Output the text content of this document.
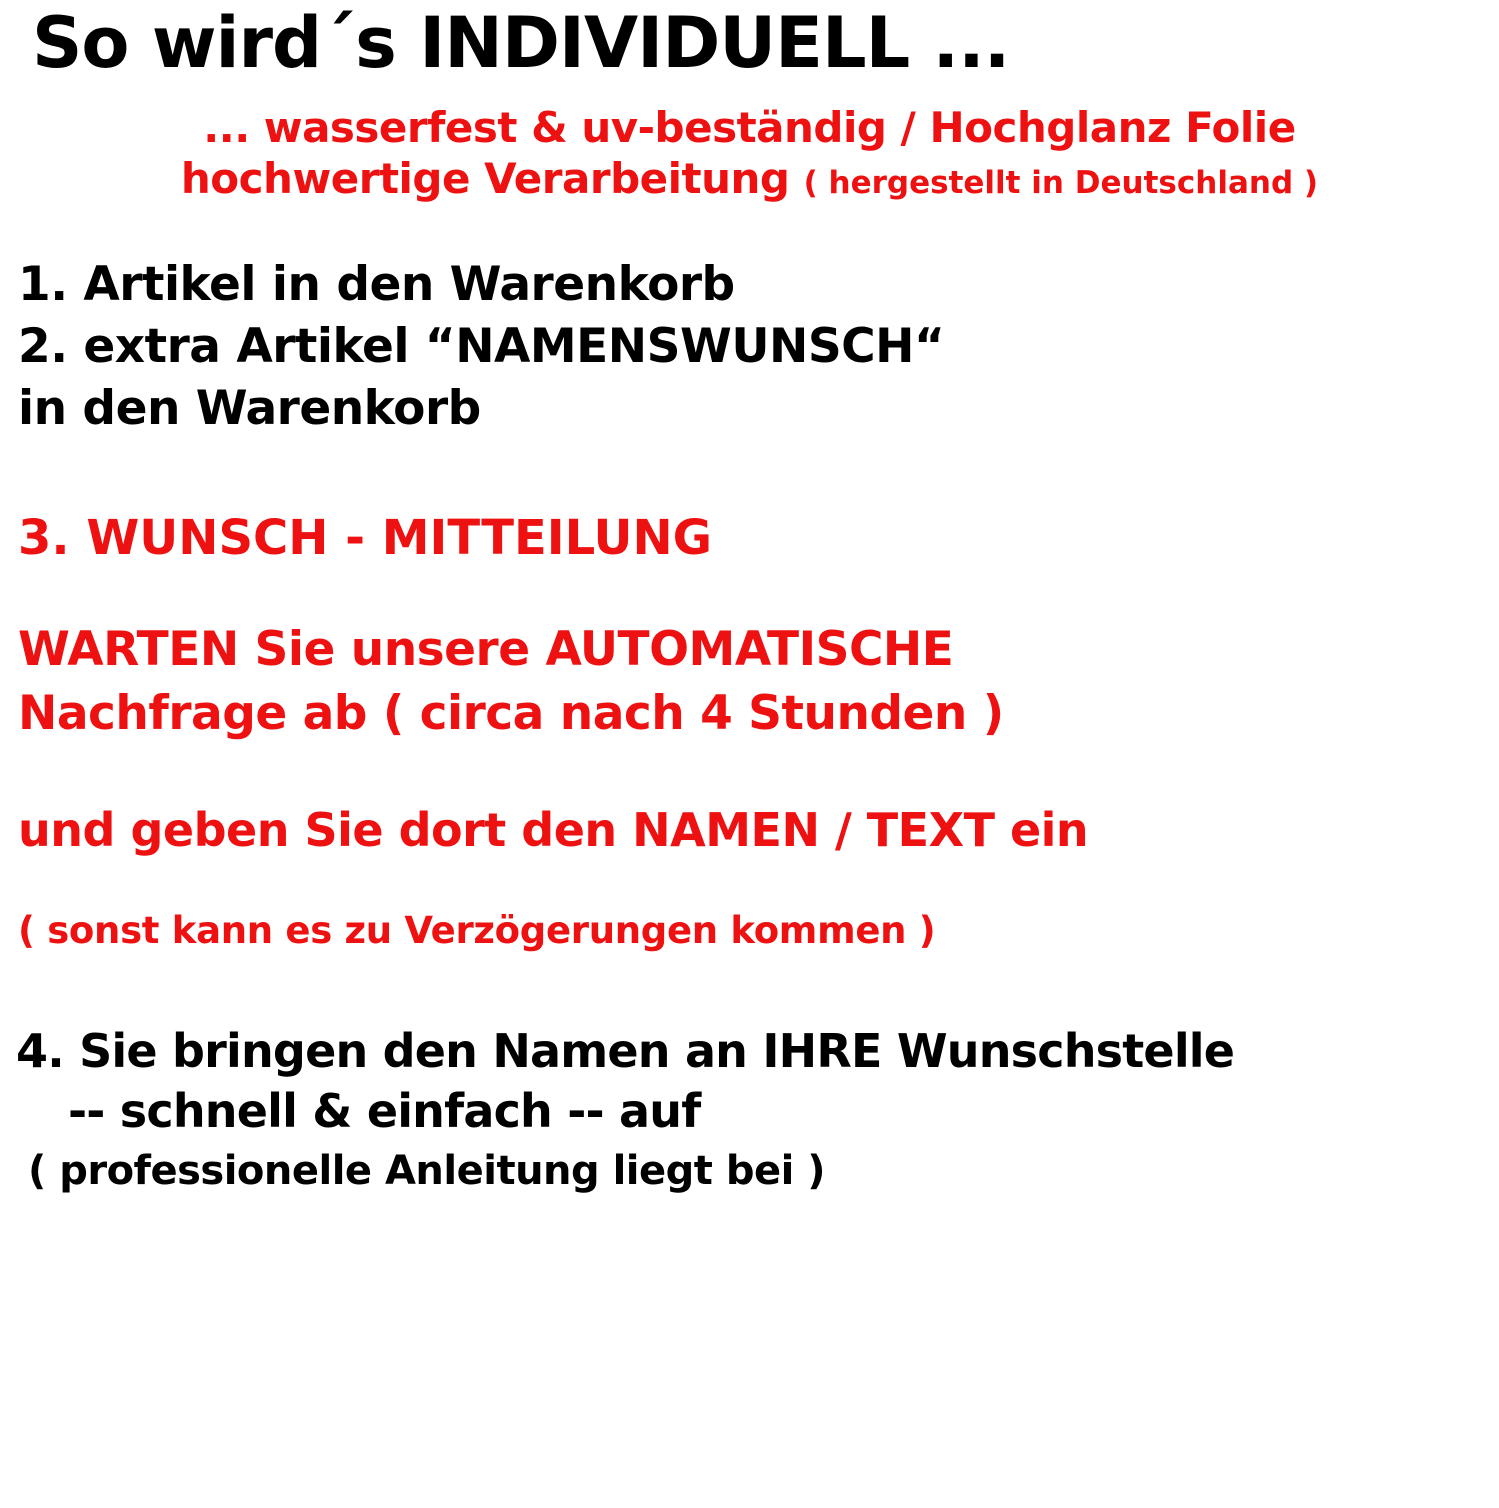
So wird´s INDIVIDUELL ...
... wasserfest & uv-beständig / Hochglanz Folie
hochwertige Verarbeitung ( hergestellt in Deutschland )
1. Artikel in den Warenkorb
2. extra Artikel “NAMENSWUNSCH“
in den Warenkorb
3. WUNSCH - MITTEILUNG
WARTEN Sie unsere AUTOMATISCHE
Nachfrage ab ( circa nach 4 Stunden )
und geben Sie dort den NAMEN / TEXT ein
( sonst kann es zu Verzögerungen kommen )
4. Sie bringen den Namen an IHRE Wunschstelle
-- schnell & einfach -- auf
( professionelle Anleitung liegt bei )
